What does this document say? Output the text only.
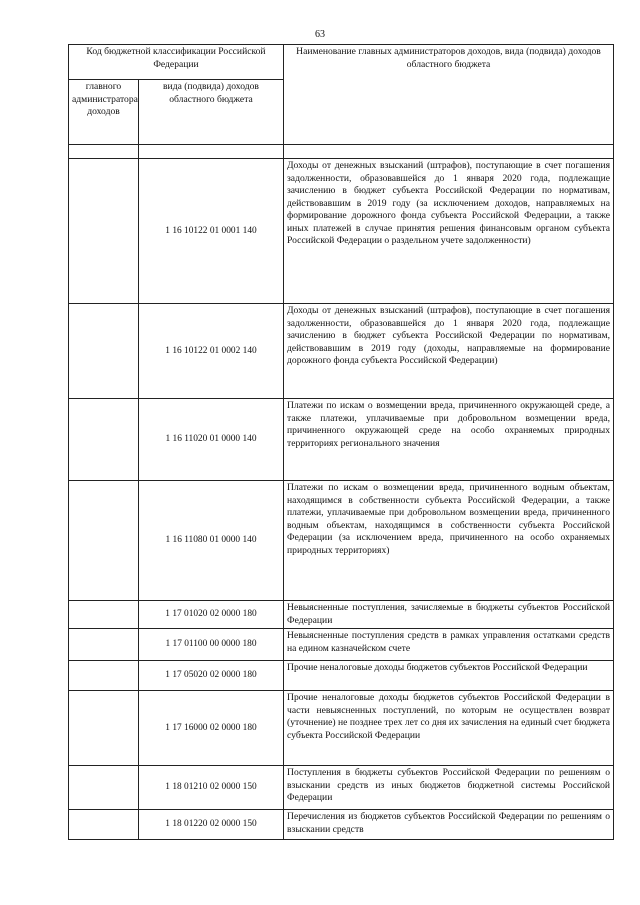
63
Код бюджетной классификации Российской Федерации		Наименование главных администраторов доходов, вида (подвида) доходов областного бюджета
главного администратора доходов	вида (подвида) доходов областного бюджета	

	1 16 10122 01 0001 140	Доходы от денежных взысканий (штрафов), поступающие в счет погашения задолженности, образовавшейся до 1 января 2020 года, подлежащие зачислению в бюджет субъекта Российской Федерации по нормативам, действовавшим в 2019 году (за исключением доходов, направляемых на формирование дорожного фонда субъекта Российской Федерации, а также иных платежей в случае принятия решения финансовым органом субъекта Российской Федерации о раздельном учете задолженности)
	1 16 10122 01 0002 140	Доходы от денежных взысканий (штрафов), поступающие в счет погашения задолженности, образовавшейся до 1 января 2020 года, подлежащие зачислению в бюджет субъекта Российской Федерации по нормативам, действовавшим в 2019 году (доходы, направляемые на формирование дорожного фонда субъекта Российской Федерации)
	1 16 11020 01 0000 140	Платежи по искам о возмещении вреда, причиненного окружающей среде, а также платежи, уплачиваемые при добровольном возмещении вреда, причиненного окружающей среде на особо охраняемых природных территориях регионального значения
	1 16 11080 01 0000 140	Платежи по искам о возмещении вреда, причиненного водным объектам, находящимся в собственности субъекта Российской Федерации, а также платежи, уплачиваемые при добровольном возмещении вреда, причиненного водным объектам, находящимся в собственности субъекта Российской Федерации (за исключением вреда, причиненного на особо охраняемых природных территориях)
	1 17 01020 02 0000 180	Невыясненные поступления, зачисляемые в бюджеты субъектов Российской Федерации
	1 17 01100 00 0000 180	Невыясненные поступления средств в рамках управления остатками средств на едином казначейском счете
	1 17 05020 02 0000 180	Прочие неналоговые доходы бюджетов субъектов Российской Федерации
	1 17 16000 02 0000 180	Прочие неналоговые доходы бюджетов субъектов Российской Федерации в части невыясненных поступлений, по которым не осуществлен возврат (уточнение) не позднее трех лет со дня их зачисления на единый счет бюджета субъекта Российской Федерации
	1 18 01210 02 0000 150	Поступления в бюджеты субъектов Российской Федерации по решениям о взыскании средств из иных бюджетов бюджетной системы Российской Федерации
	1 18 01220 02 0000 150	Перечисления из бюджетов субъектов Российской Федерации по решениям о взыскании средств
